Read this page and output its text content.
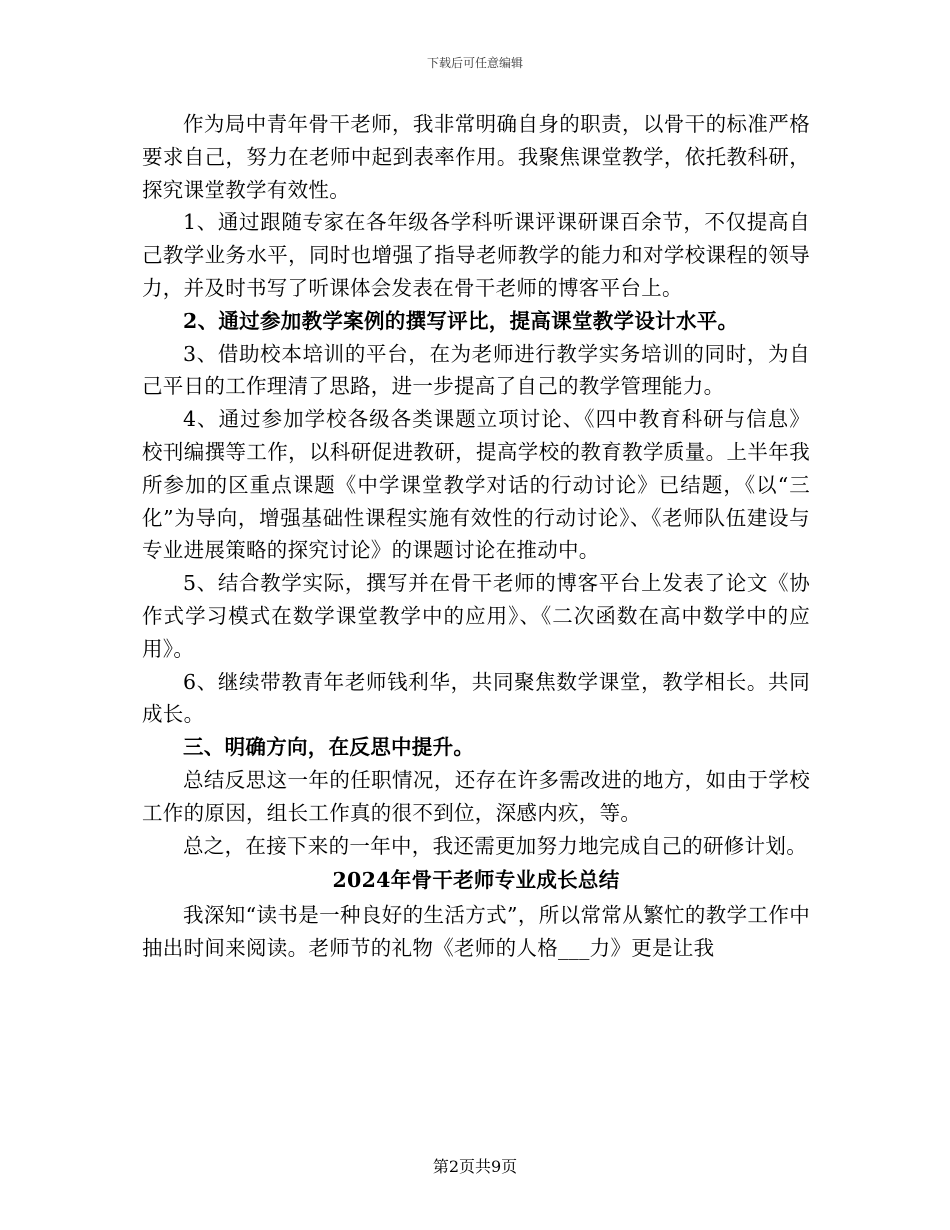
下载后可任意编辑

作为局中青年骨干老师，我非常明确自身的职责，以骨干的标准严格要求自己，努力在老师中起到表率作用。我聚焦课堂教学，依托教科研，探究课堂教学有效性。

1、通过跟随专家在各年级各学科听课评课研课百余节，不仅提高自己教学业务水平，同时也增强了指导老师教学的能力和对学校课程的领导力，并及时书写了听课体会发表在骨干老师的博客平台上。

2、通过参加教学案例的撰写评比，提高课堂教学设计水平。

3、借助校本培训的平台，在为老师进行教学实务培训的同时，为自己平日的工作理清了思路，进一步提高了自己的教学管理能力。

4、通过参加学校各级各类课题立项讨论、《四中教育科研与信息》校刊编撰等工作，以科研促进教研，提高学校的教育教学质量。上半年我所参加的区重点课题《中学课堂教学对话的行动讨论》已结题，《以“三化”为导向，增强基础性课程实施有效性的行动讨论》、《老师队伍建设与专业进展策略的探究讨论》的课题讨论在推动中。

5、结合教学实际，撰写并在骨干老师的博客平台上发表了论文《协作式学习模式在数学课堂教学中的应用》、《二次函数在高中数学中的应用》。

6、继续带教青年老师钱利华，共同聚焦数学课堂，教学相长。共同成长。

三、明确方向，在反思中提升。

总结反思这一年的任职情况，还存在许多需改进的地方，如由于学校工作的原因，组长工作真的很不到位，深感内疚，等。

总之，在接下来的一年中，我还需更加努力地完成自己的研修计划。

2024年骨干老师专业成长总结

我深知“读书是一种良好的生活方式”，所以常常从繁忙的教学工作中抽出时间来阅读。老师节的礼物《老师的人格___力》更是让我

第2页共9页
